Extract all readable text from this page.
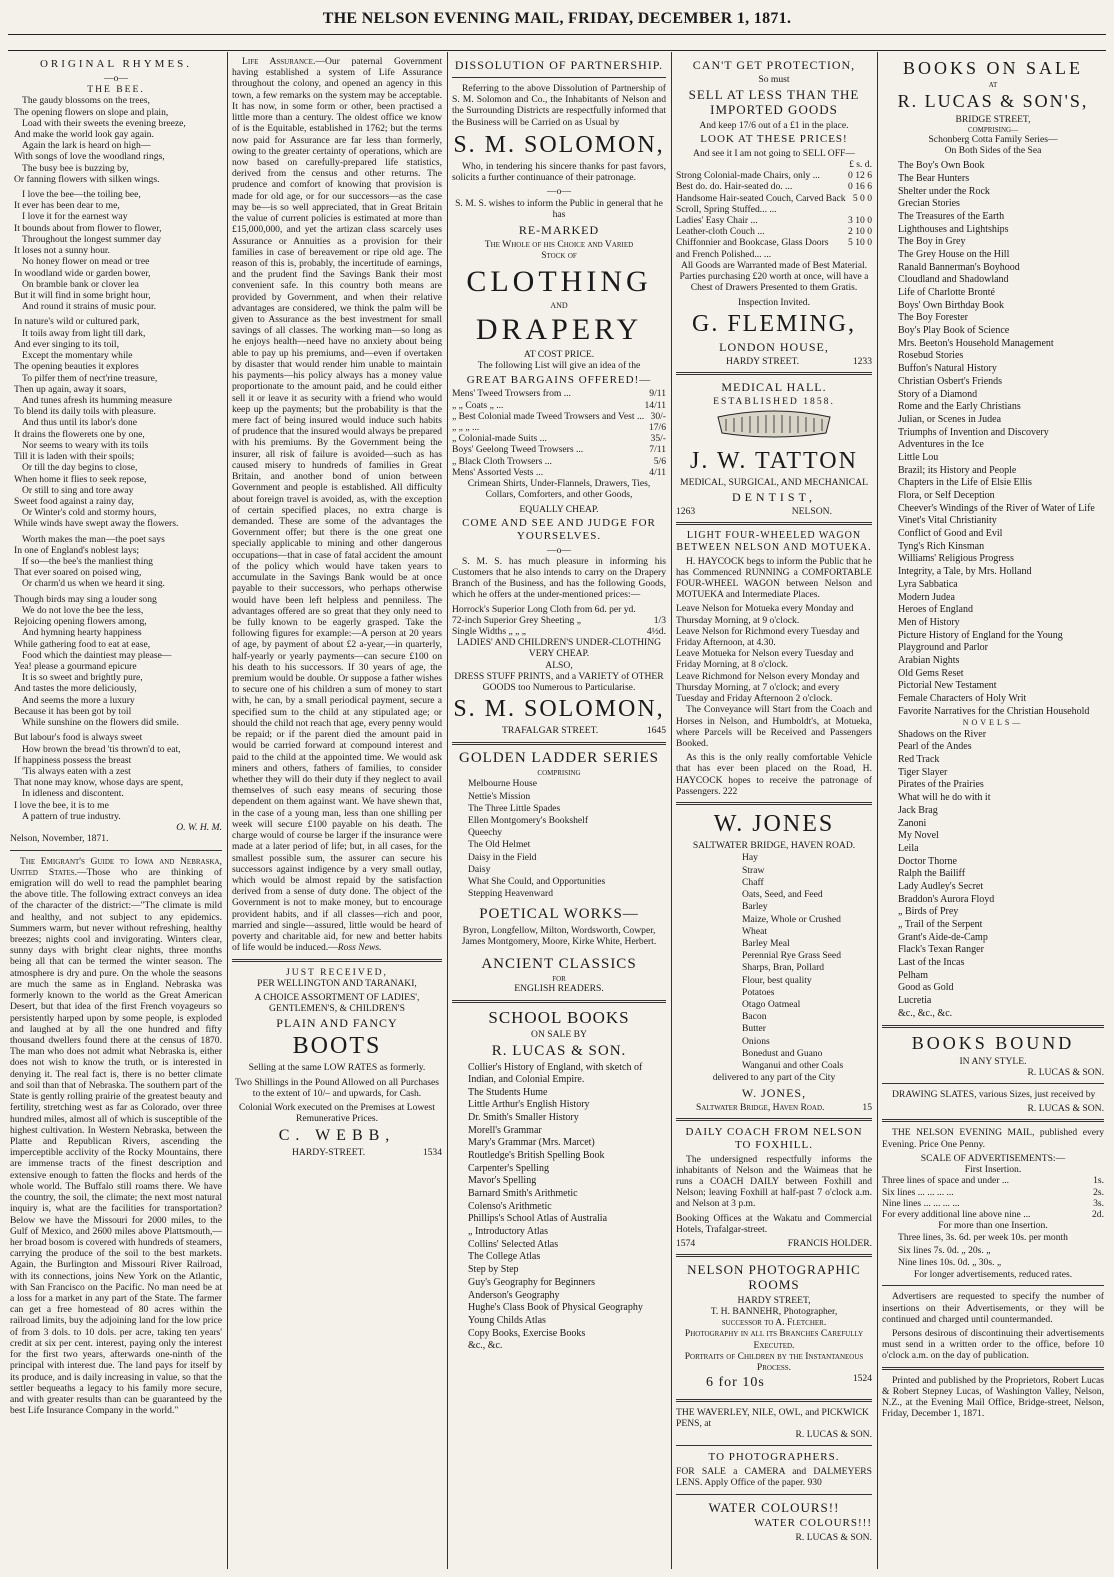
THE NELSON EVENING MAIL, FRIDAY, DECEMBER 1, 1871.
ORIGINAL RHYMES.
—o—
THE BEE.
The gaudy blossoms on the trees,
The opening flowers on slope and plain,
Load with their sweets the evening breeze,
And make the world look gay again.
Again the lark is heard on high—
With songs of love the woodland rings,
The busy bee is buzzing by,
Or fanning flowers with silken wings.
I love the bee—the toiling bee,
It ever has been dear to me,
I love it for the earnest way
It bounds about from flower to flower,
Throughout the longest summer day
It loses not a sunny hour.
No honey flower on mead or tree
In woodland wide or garden bower,
On bramble bank or clover lea
But it will find in some bright hour,
And round it strains of music pour.
In nature's wild or cultured park,
It toils away from light till dark,
And ever singing to its toil,
Except the momentary while
The opening beauties it explores
To pilfer them of nect'rine treasure,
Then up again, away it soars,
And tunes afresh its humming measure
To blend its daily toils with pleasure.
And thus until its labor's done
It drains the flowerets one by one,
Nor seems to weary with its toils
Till it is laden with their spoils;
Or till the day begins to close,
When home it flies to seek repose,
Or still to sing and tore away
Sweet food against a rainy day,
Or Winter's cold and stormy hours,
While winds have swept away the flowers.
Worth makes the man—the poet says
In one of England's noblest lays;
If so—the bee's the manliest thing
That ever soared on poised wing,
Or charm'd us when we heard it sing.
Though birds may sing a louder song
We do not love the bee the less,
Rejoicing opening flowers among,
And hymning hearty happiness
While gathering food to eat at ease,
Food which the daintiest may please—
Yea! please a gourmand epicure
It is so sweet and brightly pure,
And tastes the more deliciously,
And seems the more a luxury
Because it has been got by toil
While sunshine on the flowers did smile.
But labour's food is always sweet
How brown the bread 'tis thrown'd to eat,
If happiness possess the breast
'Tis always eaten with a zest
That none may know, whose days are spent,
In idleness and discontent.
I love the bee, it is to me
A pattern of true industry.
O. W. H. M.
Nelson, November, 1871.

The Emigrant's Guide to Iowa and Nebraska, United States.—Those who are thinking of emigration will do well to read the pamphlet bearing the above title. The following extract conveys an idea of the character of the district:—"The climate is mild and healthy, and not subject to any epidemics. Summers warm, but never without refreshing, healthy breezes; nights cool and invigorating. Winters clear, sunny days with bright clear nights, three months being all that can be termed the winter season. The atmosphere is dry and pure. On the whole the seasons are much the same as in England. Nebraska was formerly known to the world as the Great American Desert, but that idea of the first French voyageurs so persistently harped upon by some people, is exploded and laughed at by all the one hundred and fifty thousand dwellers found there at the census of 1870. The man who does not admit what Nebraska is, either does not wish to know the truth, or is interested in denying it. The real fact is, there is no better climate and soil than that of Nebraska. The southern part of the State is gently rolling prairie of the greatest beauty and fertility, stretching west as far as Colorado, over three hundred miles, almost all of which is susceptible of the highest cultivation. In Western Nebraska, between the Platte and Republican Rivers, ascending the imperceptible acclivity of the Rocky Mountains, there are immense tracts of the finest description and extensive enough to fatten the flocks and herds of the whole world. The Buffalo still roams there. We have the country, the soil, the climate; the next most natural inquiry is, what are the facilities for transportation? Below we have the Missouri for 2000 miles, to the Gulf of Mexico, and 2600 miles above Plattsmouth,—her broad bosom is covered with hundreds of steamers, carrying the produce of the soil to the best markets. Again, the Burlington and Missouri River Railroad, with its connections, joins New York on the Atlantic, with San Francisco on the Pacific. No man need be at a loss for a market in any part of the State. The farmer can get a free homestead of 80 acres within the railroad limits, buy the adjoining land for the low price of from 3 dols. to 10 dols. per acre, taking ten years' credit at six per cent. interest, paying only the interest for the first two years, afterwards one-ninth of the principal with interest due. The land pays for itself by its produce, and is daily increasing in value, so that the settler bequeaths a legacy to his family more secure, and with greater results than can be guaranteed by the best Life Insurance Company in the world."

Life Assurance.—Our paternal Government having established a system of Life Assurance throughout the colony, and opened an agency in this town, a few remarks on the system may be acceptable. It has now, in some form or other, been practised a little more than a century. The oldest office we know of is the Equitable, established in 1762; but the terms now paid for Assurance are far less than formerly, owing to the greater certainty of operations, which are now based on carefully-prepared life statistics, derived from the census and other returns. The prudence and comfort of knowing that provision is made for old age, or for our successors—as the case may be—is so well appreciated, that in Great Britain the value of current policies is estimated at more than £15,000,000, and yet the artizan class scarcely uses Assurance or Annuities as a provision for their families in case of bereavement or ripe old age. The reason of this is, probably, the incertitude of earnings, and the prudent find the Savings Bank their most convenient safe. In this country both means are provided by Government, and when their relative advantages are considered, we think the palm will be given to Assurance as the best investment for small savings of all classes. The working man—so long as he enjoys health—need have no anxiety about being able to pay up his premiums, and—even if overtaken by disaster that would render him unable to maintain his payments—his policy always has a money value proportionate to the amount paid, and he could either sell it or leave it as security with a friend who would keep up the payments; but the probability is that the mere fact of being insured would induce such habits of prudence that the insured would always be prepared with his premiums. By the Government being the insurer, all risk of failure is avoided—such as has caused misery to hundreds of families in Great Britain, and another bond of union between Government and people is established. All difficulty about foreign travel is avoided, as, with the exception of certain specified places, no extra charge is demanded. These are some of the advantages the Government offer; but there is the one great one specially applicable to mining and other dangerous occupations—that in case of fatal accident the amount of the policy which would have taken years to accumulate in the Savings Bank would be at once payable to their successors, who perhaps otherwise would have been left helpless and penniless. The advantages offered are so great that they only need to be fully known to be eagerly grasped. Take the following figures for example:—A person at 20 years of age, by payment of about £2 a-year,—in quarterly, half-yearly or yearly payments—can secure £100 on his death to his successors. If 30 years of age, the premium would be double. Or suppose a father wishes to secure one of his children a sum of money to start with, he can, by a small periodical payment, secure a specified sum to the child at any stipulated age; or should the child not reach that age, every penny would be repaid; or if the parent died the amount paid in would be carried forward at compound interest and paid to the child at the appointed time. We would ask miners and others, fathers of families, to consider whether they will do their duty if they neglect to avail themselves of such easy means of securing those dependent on them against want. We have shewn that, in the case of a young man, less than one shilling per week will secure £100 payable on his death. The charge would of course be larger if the insurance were made at a later period of life; but, in all cases, for the smallest possible sum, the assurer can secure his successors against indigence by a very small outlay, which would be almost repaid by the satisfaction derived from a sense of duty done. The object of the Government is not to make money, but to encourage provident habits, and if all classes—rich and poor, married and single—assured, little would be heard of poverty and charitable aid, for new and better habits of life would be induced.—Ross News.

JUST RECEIVED,
PER WELLINGTON AND TARANAKI,
A CHOICE ASSORTMENT OF LADIES', GENTLEMEN'S, & CHILDREN'S
PLAIN AND FANCY
BOOTS
Selling at the same LOW RATES as formerly.
Two Shillings in the Pound Allowed on all Purchases to the extent of 10/– and upwards, for Cash.
Colonial Work executed on the Premises at Lowest Remunerative Prices.
C. WEBB,
HARDY-STREET.	1534
DISSOLUTION OF PARTNERSHIP.

Referring to the above Dissolution of Partnership of S. M. Solomon and Co., the Inhabitants of Nelson and the Surrounding Districts are respectfully informed that the Business will be Carried on as Usual by

S. M. SOLOMON,

Who, in tendering his sincere thanks for past favors, solicits a further continuance of their patronage.

—o—

S. M. S. wishes to inform the Public in general that he has

RE-MARKED
The Whole of his Choice and Varied
Stock of
CLOTHING
AND
DRAPERY
AT COST PRICE.
The following List will give an idea of the
GREAT BARGAINS OFFERED!—
Mens' Tweed Trowsers from ...	9/11
„ „ Coats „ ...	14/11
„ Best Colonial made Tweed Trowsers and Vest ... 30/-
„ „ „ ...	17/6
„ Colonial-made Suits ...	35/-
Boys' Geelong Tweed Trowsers ...	7/11
„ Black Cloth Trowsers ...	5/6
Mens' Assorted Vests ...	4/11

Crimean Shirts, Under-Flannels, Drawers, Ties, Collars, Comforters, and other Goods,

EQUALLY CHEAP.
COME AND SEE AND JUDGE FOR YOURSELVES.
—o—

S. M. S. has much pleasure in informing his Customers that he also intends to carry on the Drapery Branch of the Business, and has the following Goods, which he offers at the under-mentioned prices:—

Horrock's Superior Long Cloth from 6d. per yd.
72-inch Superior Grey Sheeting „	1/3
Single Widths „ „ „	4½d.
LADIES' AND CHILDREN'S UNDER-CLOTHING VERY CHEAP.
ALSO,
DRESS STUFF PRINTS, and a VARIETY of OTHER GOODS too Numerous to Particularise.
S. M. SOLOMON,
TRAFALGAR STREET.	1645
GOLDEN LADDER SERIES
COMPRISING
Melbourne House
Nettie's Mission
The Three Little Spades
Ellen Montgomery's Bookshelf
Queechy
The Old Helmet
Daisy in the Field
Daisy
What She Could, and Opportunities
Stepping Heavenward
POETICAL WORKS—

Byron, Longfellow, Milton, Wordsworth, Cowper, James Montgomery, Moore, Kirke White, Herbert.

ANCIENT CLASSICS
FOR
ENGLISH READERS.
SCHOOL BOOKS
ON SALE BY
R. LUCAS & SON.
Collier's History of England, with sketch of Indian, and Colonial Empire.
The Students Hume
Little Arthur's English History
Dr. Smith's Smaller History
Morell's Grammar
Mary's Grammar (Mrs. Marcet)
Routledge's British Spelling Book
Carpenter's Spelling
Mavor's Spelling
Barnard Smith's Arithmetic
Colenso's Arithmetic
Phillips's School Atlas of Australia
„ Introductory Atlas
Collins' Selected Atlas
The College Atlas
Step by Step
Guy's Geography for Beginners
Anderson's Geography
Hughe's Class Book of Physical Geography
Young Childs Atlas
Copy Books, Exercise Books
&c., &c.
CAN'T GET PROTECTION,
So must
SELL AT LESS THAN THE IMPORTED GOODS
And keep 17/6 out of a £1 in the place.
LOOK AT THESE PRICES!
And see it I am not going to SELL OFF—
£ s. d.
Strong Colonial-made Chairs, only ...	0 12 6
Best do. do. Hair-seated do. ...	0 16 6
Handsome Hair-seated Couch, Carved Back Scroll, Spring Stuffed... ...
5 0 0
Ladies' Easy Chair ...	3 10 0
Leather-cloth Couch ...	2 10 0
Chiffonnier and Bookcase, Glass Doors and French Polished... ...
5 10 0
All Goods are Warranted made of Best Material.

Parties purchasing £20 worth at once, will have a Chest of Drawers Presented to them Gratis.

Inspection Invited.
G. FLEMING,
LONDON HOUSE,
HARDY STREET.	1233
MEDICAL HALL.
ESTABLISHED 1858.
J. W. TATTON
MEDICAL, SURGICAL, AND MECHANICAL
DENTIST,
1263	NELSON.
LIGHT FOUR-WHEELED WAGON BETWEEN NELSON AND MOTUEKA.

H. HAYCOCK begs to inform the Public that he has Commenced RUNNING a COMFORTABLE FOUR-WHEEL WAGON between Nelson and MOTUEKA and Intermediate Places.

Leave Nelson for Motueka every Monday and Thursday Morning, at 9 o'clock.
Leave Nelson for Richmond every Tuesday and Friday Afternoon, at 4.30.
Leave Motueka for Nelson every Tuesday and Friday Morning, at 8 o'clock.
Leave Richmond for Nelson every Monday and Thursday Morning, at 7 o'clock; and every Tuesday and Friday Afternoon 2 o'clock.

The Conveyance will Start from the Coach and Horses in Nelson, and Humboldt's, at Motueka, where Parcels will be Received and Passengers Booked.

As this is the only really comfortable Vehicle that has ever been placed on the Road, H. HAYCOCK hopes to receive the patronage of Passengers. 222

W. JONES
SALTWATER BRIDGE, HAVEN ROAD.
Hay
Straw
Chaff
Oats, Seed, and Feed
Barley
Maize, Whole or Crushed
Wheat
Barley Meal
Perennial Rye Grass Seed
Sharps, Bran, Pollard
Flour, best quality
Potatoes
Otago Oatmeal
Bacon
Butter
Onions
Bonedust and Guano
Wanganui and other Coals
delivered to any part of the City
W. JONES,
Saltwater Bridge, Haven Road.	15
DAILY COACH FROM NELSON TO FOXHILL.

The undersigned respectfully informs the inhabitants of Nelson and the Waimeas that he runs a COACH DAILY between Foxhill and Nelson; leaving Foxhill at half-past 7 o'clock a.m. and Nelson at 3 p.m.

Booking Offices at the Wakatu and Commercial Hotels, Trafalgar-street.

1574	FRANCIS HOLDER.
NELSON PHOTOGRAPHIC ROOMS
HARDY STREET,
T. H. BANNEHR, Photographer,
successor to A. Fletcher.
Photography in all its Branches Carefully Executed.
Portraits of Children by the Instantaneous Process.
6 for 10s	1524
THE WAVERLEY, NILE, OWL, and PICKWICK PENS, at
R. LUCAS & SON.
TO PHOTOGRAPHERS.

FOR SALE a CAMERA and DALMEYERS LENS. Apply Office of the paper. 930

WATER COLOURS!!
WATER COLOURS!!!
R. LUCAS & SON.
BOOKS ON SALE
AT
R. LUCAS & SON'S,
BRIDGE STREET,
COMPRISING—
Schonberg Cotta Family Series—
On Both Sides of the Sea
The Boy's Own Book
The Bear Hunters
Shelter under the Rock
Grecian Stories
The Treasures of the Earth
Lighthouses and Lightships
The Boy in Grey
The Grey House on the Hill
Ranald Bannerman's Boyhood
Cloudland and Shadowland
Life of Charlotte Bronté
Boys' Own Birthday Book
The Boy Forester
Boy's Play Book of Science
Mrs. Beeton's Household Management
Rosebud Stories
Buffon's Natural History
Christian Osbert's Friends
Story of a Diamond
Rome and the Early Christians
Julian, or Scenes in Judea
Triumphs of Invention and Discovery
Adventures in the Ice
Little Lou
Brazil; its History and People
Chapters in the Life of Elsie Ellis
Flora, or Self Deception
Cheever's Windings of the River of Water of Life
Vinet's Vital Christianity
Conflict of Good and Evil
Tyng's Rich Kinsman
Williams' Religious Progress
Integrity, a Tale, by Mrs. Holland
Lyra Sabbatica
Modern Judea
Heroes of England
Men of History
Picture History of England for the Young
Playground and Parlor
Arabian Nights
Old Gems Reset
Pictorial New Testament
Female Characters of Holy Writ
Favorite Narratives for the Christian Household
NOVELS—
Shadows on the River
Pearl of the Andes
Red Track
Tiger Slayer
Pirates of the Prairies
What will he do with it
Jack Brag
Zanoni
My Novel
Leila
Doctor Thorne
Ralph the Bailiff
Lady Audley's Secret
Braddon's Aurora Floyd
„ Birds of Prey
„ Trail of the Serpent
Grant's Aide-de-Camp
Flack's Texan Ranger
Last of the Incas
Pelham
Good as Gold
Lucretia
&c., &c., &c.
BOOKS BOUND
IN ANY STYLE.
R. LUCAS & SON.

DRAWING SLATES, various Sizes, just received by

R. LUCAS & SON.

THE NELSON EVENING MAIL, published every Evening. Price One Penny.

SCALE OF ADVERTISEMENTS:—
First Insertion.
Three lines of space and under ...	1s.
Six lines ... ... ... ...	2s.
Nine lines ... ... ... ...	3s.
For every additional line above nine ...	2d.
For more than one Insertion.
Three lines, 3s. 6d. per week 10s. per month
Six lines 7s. 0d. „ 20s. „
Nine lines 10s. 0d. „ 30s. „
For longer advertisements, reduced rates.

Advertisers are requested to specify the number of insertions on their Advertisements, or they will be continued and charged until countermanded.

Persons desirous of discontinuing their advertisements must send in a written order to the office, before 10 o'clock a.m. on the day of publication.

Printed and published by the Proprietors, Robert Lucas & Robert Stepney Lucas, of Washington Valley, Nelson, N.Z., at the Evening Mail Office, Bridge-street, Nelson, Friday, December 1, 1871.
